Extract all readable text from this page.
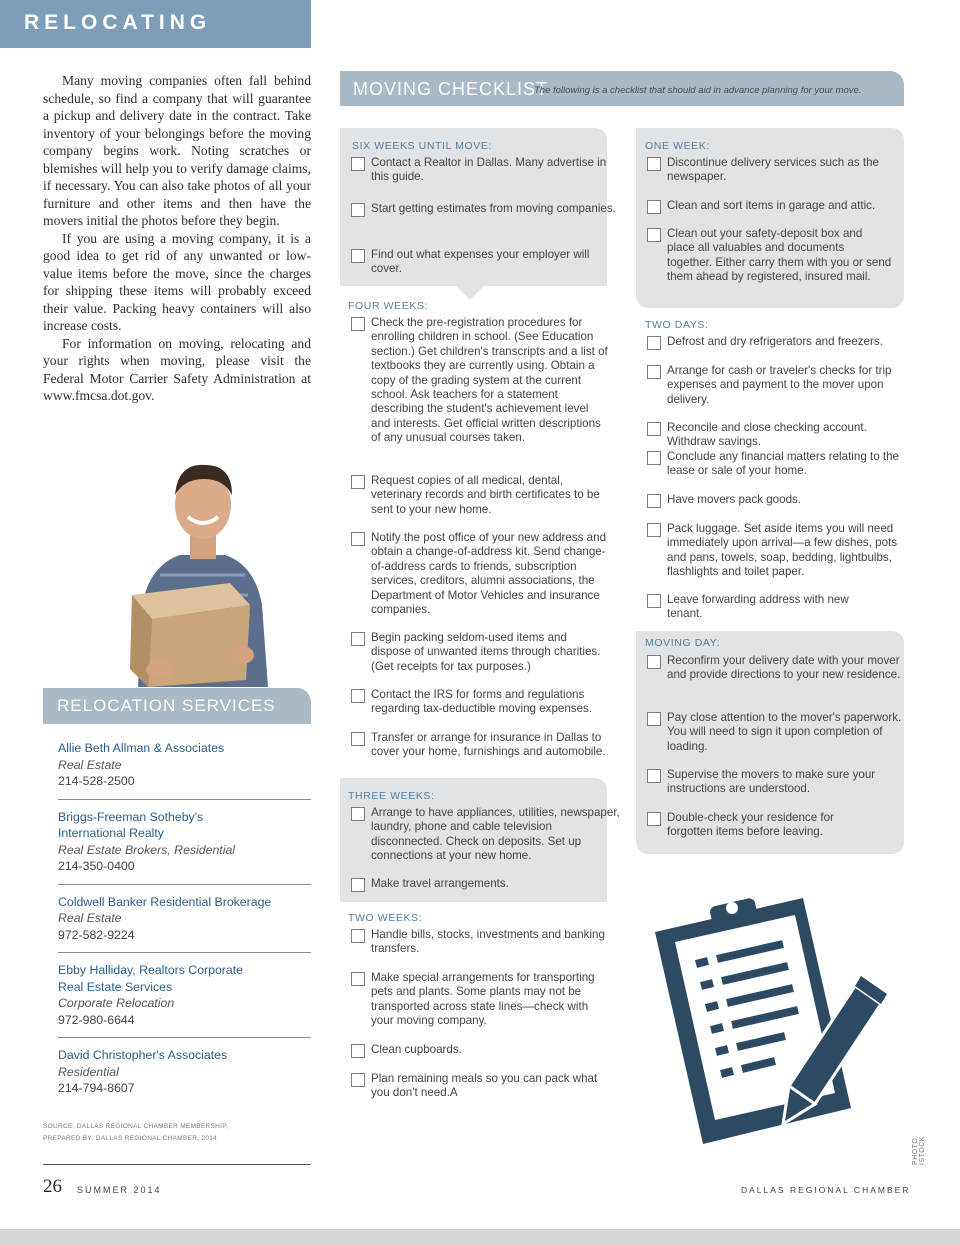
RELOCATING

Many moving companies often fall behind schedule, so find a company that will guarantee a pickup and delivery date in the contract. Take inventory of your belongings before the moving company begins work. Noting scratches or blemishes will help you to verify damage claims, if necessary. You can also take photos of all your furniture and other items and then have the movers initial the photos before they begin.

If you are using a moving company, it is a good idea to get rid of any unwanted or low-value items before the move, since the charges for shipping these items will probably exceed their value. Packing heavy containers will also increase costs.

For information on moving, relocating and your rights when moving, please visit the Federal Motor Carrier Safety Administration at www.fmcsa.dot.gov.

RELOCATION SERVICES
Allie Beth Allman & Associates
Real Estate
214-528-2500
Briggs-Freeman Sotheby's International Realty
Real Estate Brokers, Residential
214-350-0400
Coldwell Banker Residential Brokerage
Real Estate
972-582-9224
Ebby Halliday, Realtors Corporate Real Estate Services
Corporate Relocation
972-980-6644
David Christopher's Associates
Residential
214-794-8607
SOURCE: DALLAS REGIONAL CHAMBER MEMBERSHIP,
PREPARED BY: DALLAS REGIONAL CHAMBER, 2014
MOVING CHECKLIST
The following is a checklist that should aid in advance planning for your move.
SIX WEEKS UNTIL MOVE:
Contact a Realtor in Dallas. Many advertise in this guide.
Start getting estimates from moving companies.
Find out what expenses your employer will cover.
FOUR WEEKS:
Check the pre-registration procedures for enrolling children in school. (See Education section.) Get children's transcripts and a list of textbooks they are currently using. Obtain a copy of the grading system at the current school. Ask teachers for a statement describing the student's achievement level and interests. Get official written descriptions of any unusual courses taken.
Request copies of all medical, dental, veterinary records and birth certificates to be sent to your new home.
Notify the post office of your new address and obtain a change-of-address kit. Send change-of-address cards to friends, subscription services, creditors, alumni associations, the Department of Motor Vehicles and insurance companies.
Begin packing seldom-used items and dispose of unwanted items through charities. (Get receipts for tax purposes.)
Contact the IRS for forms and regulations regarding tax-deductible moving expenses.
Transfer or arrange for insurance in Dallas to cover your home, furnishings and automobile.
THREE WEEKS:
Arrange to have appliances, utilities, newspaper, laundry, phone and cable television disconnected. Check on deposits. Set up connections at your new home.
Make travel arrangements.
TWO WEEKS:
Handle bills, stocks, investments and banking transfers.
Make special arrangements for transporting pets and plants. Some plants may not be transported across state lines—check with your moving company.
Clean cupboards.
Plan remaining meals so you can pack what you don't need.A
ONE WEEK:
Discontinue delivery services such as the newspaper.
Clean and sort items in garage and attic.
Clean out your safety-deposit box and place all valuables and documents together. Either carry them with you or send them ahead by registered, insured mail.
TWO DAYS:
Defrost and dry refrigerators and freezers.
Arrange for cash or traveler's checks for trip expenses and payment to the mover upon delivery.
Reconcile and close checking account. Withdraw savings.
Conclude any financial matters relating to the lease or sale of your home.
Have movers pack goods.
Pack luggage. Set aside items you will need immediately upon arrival—a few dishes, pots and pans, towels, soap, bedding, lightbulbs, flashlights and toilet paper.
Leave forwarding address with new tenant.
MOVING DAY:
Reconfirm your delivery date with your mover and provide directions to your new residence.
Pay close attention to the mover's paperwork. You will need to sign it upon completion of loading.
Supervise the movers to make sure your instructions are understood.
Double-check your residence for forgotten items before leaving.
26 SUMMER 2014	DALLAS REGIONAL CHAMBER
PHOTO: ISTOCK
